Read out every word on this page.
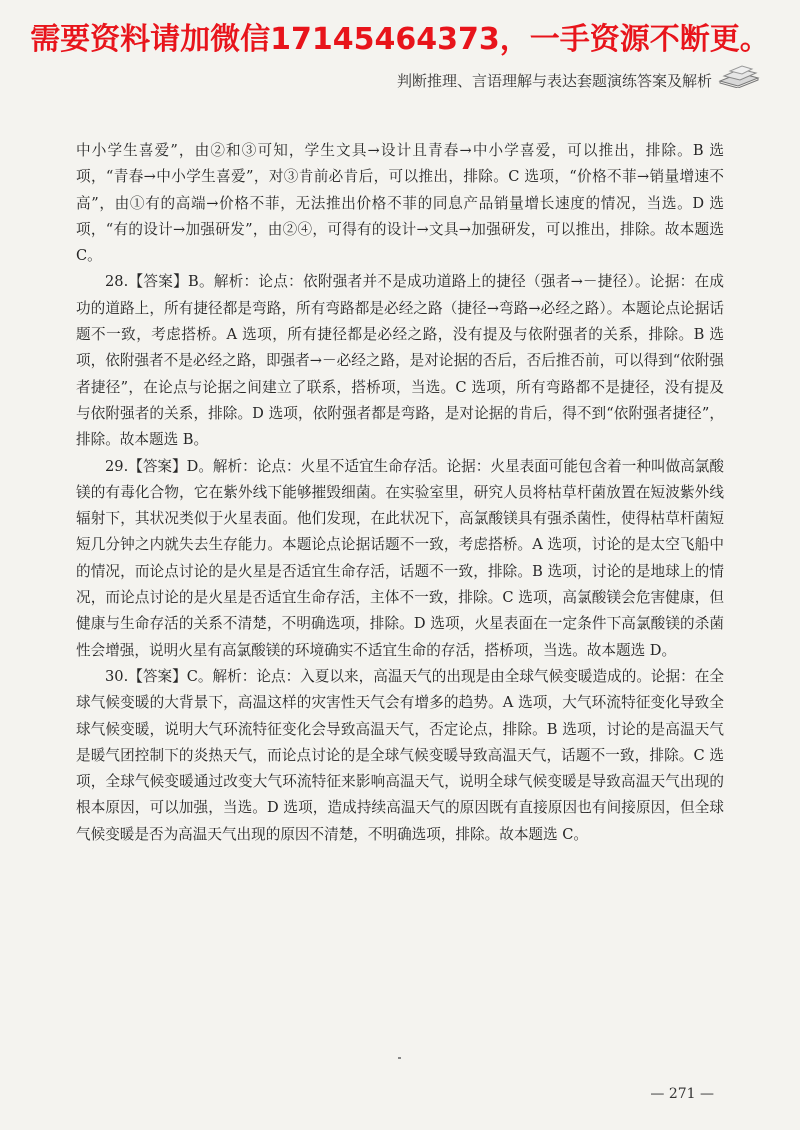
需要资料请加微信17145464373，一手资源不断更。
判断推理、言语理解与表达套题演练答案及解析

中小学生喜爱”，由②和③可知，学生文具→设计且青春→中小学喜爱，可以推出，排除。B 选项，“青春→中小学生喜爱”，对③肯前必肯后，可以推出，排除。C 选项，“价格不菲→销量增速不高”，由①有的高端→价格不菲，无法推出价格不菲的同息产品销量增长速度的情况，当选。D 选项，“有的设计→加强研发”，由②④，可得有的设计→文具→加强研发，可以推出，排除。故本题选 C。

28.【答案】B。解析：论点：依附强者并不是成功道路上的捷径（强者→－捷径）。论据：在成功的道路上，所有捷径都是弯路，所有弯路都是必经之路（捷径→弯路→必经之路）。本题论点论据话题不一致，考虑搭桥。A 选项，所有捷径都是必经之路，没有提及与依附强者的关系，排除。B 选项，依附强者不是必经之路，即强者→－必经之路，是对论据的否后，否后推否前，可以得到“依附强者捷径”，在论点与论据之间建立了联系，搭桥项，当选。C 选项，所有弯路都不是捷径，没有提及与依附强者的关系，排除。D 选项，依附强者都是弯路，是对论据的肯后，得不到“依附强者捷径”，排除。故本题选 B。

29.【答案】D。解析：论点：火星不适宜生命存活。论据：火星表面可能包含着一种叫做高氯酸镁的有毒化合物，它在紫外线下能够摧毁细菌。在实验室里，研究人员将枯草杆菌放置在短波紫外线辐射下，其状况类似于火星表面。他们发现，在此状况下，高氯酸镁具有强杀菌性，使得枯草杆菌短短几分钟之内就失去生存能力。本题论点论据话题不一致，考虑搭桥。A 选项，讨论的是太空飞船中的情况，而论点讨论的是火星是否适宜生命存活，话题不一致，排除。B 选项，讨论的是地球上的情况，而论点讨论的是火星是否适宜生命存活，主体不一致，排除。C 选项，高氯酸镁会危害健康，但健康与生命存活的关系不清楚，不明确选项，排除。D 选项，火星表面在一定条件下高氯酸镁的杀菌性会增强，说明火星有高氯酸镁的环境确实不适宜生命的存活，搭桥项，当选。故本题选 D。

30.【答案】C。解析：论点：入夏以来，高温天气的出现是由全球气候变暖造成的。论据：在全球气候变暖的大背景下，高温这样的灾害性天气会有增多的趋势。A 选项，大气环流特征变化导致全球气候变暖，说明大气环流特征变化会导致高温天气，否定论点，排除。B 选项，讨论的是高温天气是暖气团控制下的炎热天气，而论点讨论的是全球气候变暖导致高温天气，话题不一致，排除。C 选项，全球气候变暖通过改变大气环流特征来影响高温天气，说明全球气候变暖是导致高温天气出现的根本原因，可以加强，当选。D 选项，造成持续高温天气的原因既有直接原因也有间接原因，但全球气候变暖是否为高温天气出现的原因不清楚，不明确选项，排除。故本题选 C。

— 271 —
